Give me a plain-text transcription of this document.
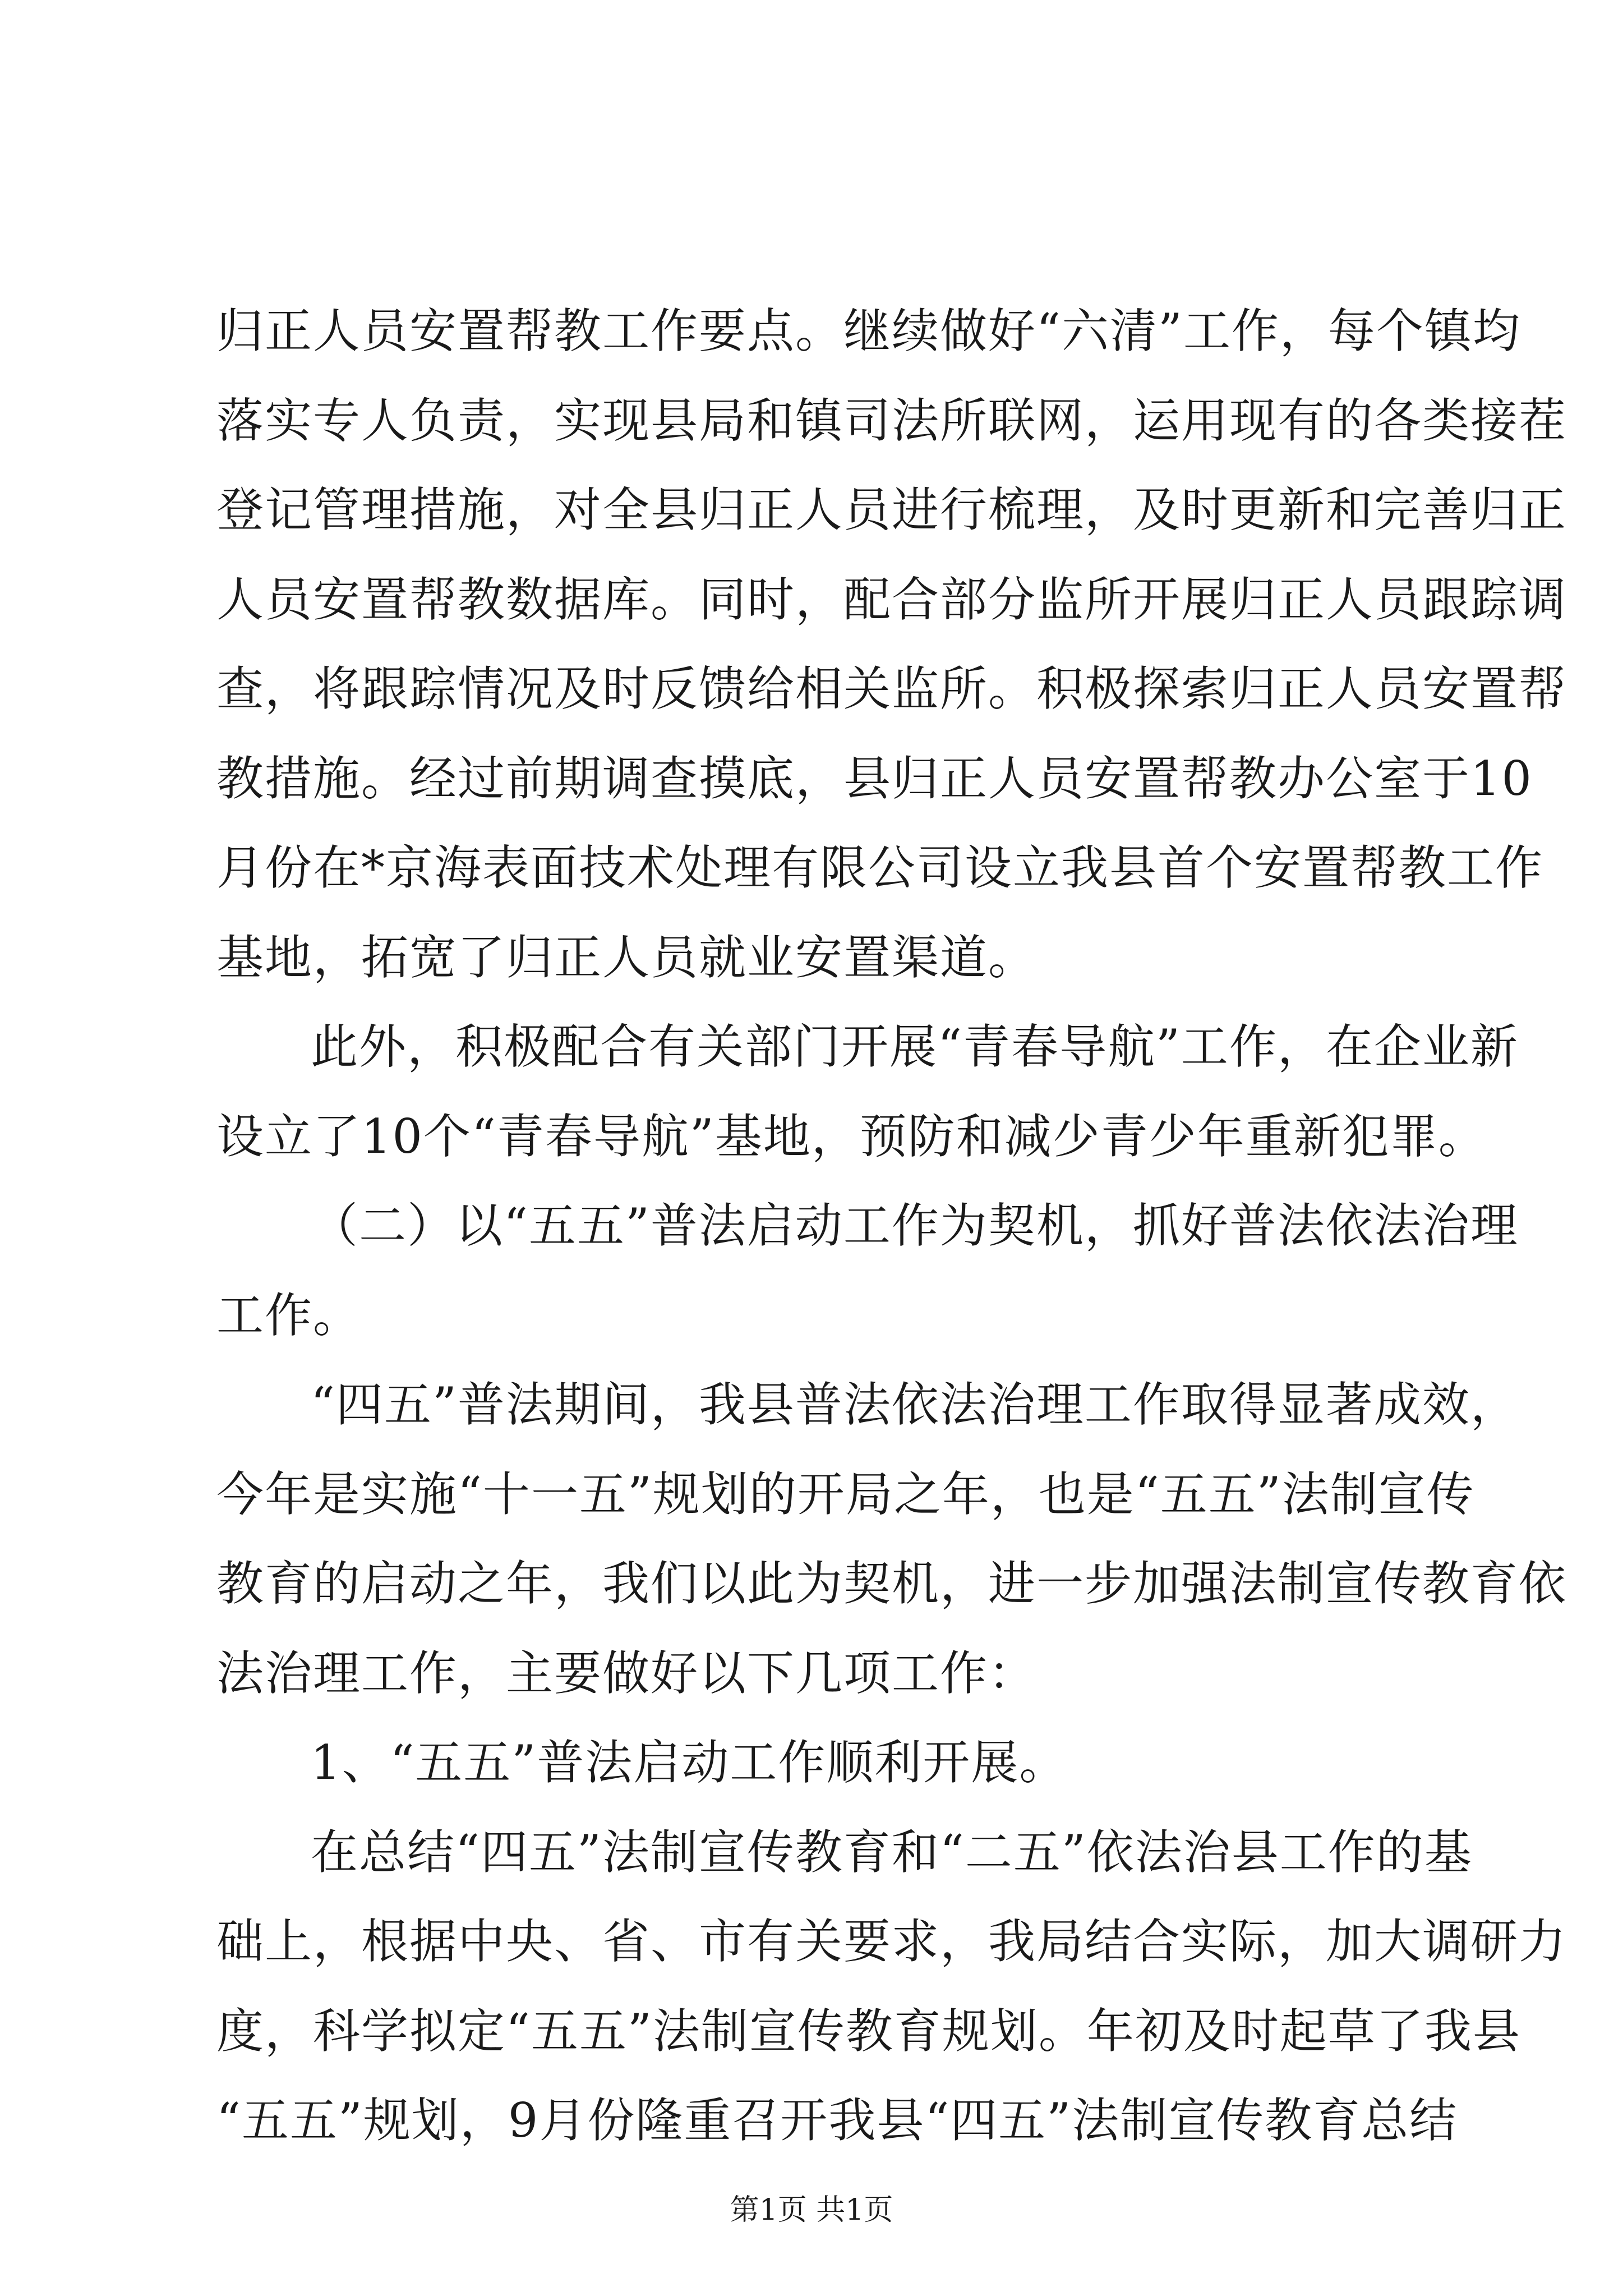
归正人员安置帮教工作要点。继续做好“六清”工作，每个镇均
落实专人负责，实现县局和镇司法所联网，运用现有的各类接茬
登记管理措施，对全县归正人员进行梳理，及时更新和完善归正
人员安置帮教数据库。同时，配合部分监所开展归正人员跟踪调
查，将跟踪情况及时反馈给相关监所。积极探索归正人员安置帮
教措施。经过前期调查摸底，县归正人员安置帮教办公室于10
月份在*京海表面技术处理有限公司设立我县首个安置帮教工作
基地，拓宽了归正人员就业安置渠道。
此外，积极配合有关部门开展“青春导航”工作，在企业新
设立了10个“青春导航”基地，预防和减少青少年重新犯罪。
（二）以“五五”普法启动工作为契机，抓好普法依法治理
工作。
“四五”普法期间，我县普法依法治理工作取得显著成效，
今年是实施“十一五”规划的开局之年，也是“五五”法制宣传
教育的启动之年，我们以此为契机，进一步加强法制宣传教育依
法治理工作，主要做好以下几项工作：
1、“五五”普法启动工作顺利开展。
在总结“四五”法制宣传教育和“二五”依法治县工作的基
础上，根据中央、省、市有关要求，我局结合实际，加大调研力
度，科学拟定“五五”法制宣传教育规划。年初及时起草了我县
“五五”规划，9月份隆重召开我县“四五”法制宣传教育总结
第1页 共1页
